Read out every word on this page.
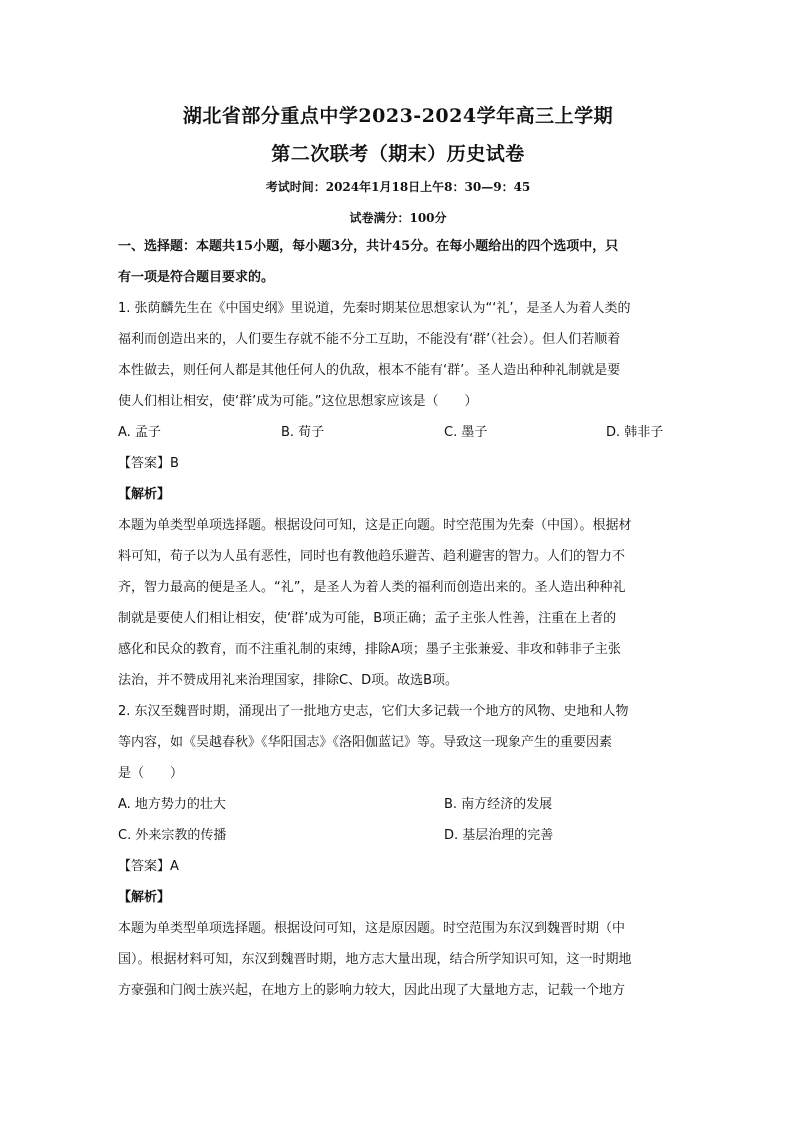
湖北省部分重点中学2023-2024学年高三上学期

第二次联考（期末）历史试卷

考试时间：2024年1月18日上午8：30—9：45
试卷满分：100分
一、选择题：本题共15小题，每小题3分，共计45分。在每小题给出的四个选项中，只
有一项是符合题目要求的。

1. 张荫麟先生在《中国史纲》里说道，先秦时期某位思想家认为“‘礼’，是圣人为着人类的

福利而创造出来的，人们要生存就不能不分工互助，不能没有‘群’（社会）。但人们若顺着

本性做去，则任何人都是其他任何人的仇敌，根本不能有‘群’。圣人造出种种礼制就是要

使人们相让相安，使‘群’成为可能。”这位思想家应该是（　　）

A. 孟子	B. 荀子	C. 墨子	D. 韩非子
【答案】B
【解析】

本题为单类型单项选择题。根据设问可知，这是正向题。时空范围为先秦（中国）。根据材

料可知，荀子以为人虽有恶性，同时也有教他趋乐避苦、趋利避害的智力。人们的智力不

齐，智力最高的便是圣人。“礼”，是圣人为着人类的福利而创造出来的。圣人造出种种礼

制就是要使人们相让相安，使‘群’成为可能，B项正确；孟子主张人性善，注重在上者的

感化和民众的教育，而不注重礼制的束缚，排除A项；墨子主张兼爱、非攻和韩非子主张

法治，并不赞成用礼来治理国家，排除C、D项。故选B项。

2. 东汉至魏晋时期，涌现出了一批地方史志，它们大多记载一个地方的风物、史地和人物

等内容，如《吴越春秋》《华阳国志》《洛阳伽蓝记》等。导致这一现象产生的重要因素

是（　　）

A. 地方势力的壮大	B. 南方经济的发展
C. 外来宗教的传播	D. 基层治理的完善
【答案】A
【解析】

本题为单类型单项选择题。根据设问可知，这是原因题。时空范围为东汉到魏晋时期（中

国）。根据材料可知，东汉到魏晋时期，地方志大量出现，结合所学知识可知，这一时期地

方豪强和门阀士族兴起，在地方上的影响力较大，因此出现了大量地方志，记载一个地方
